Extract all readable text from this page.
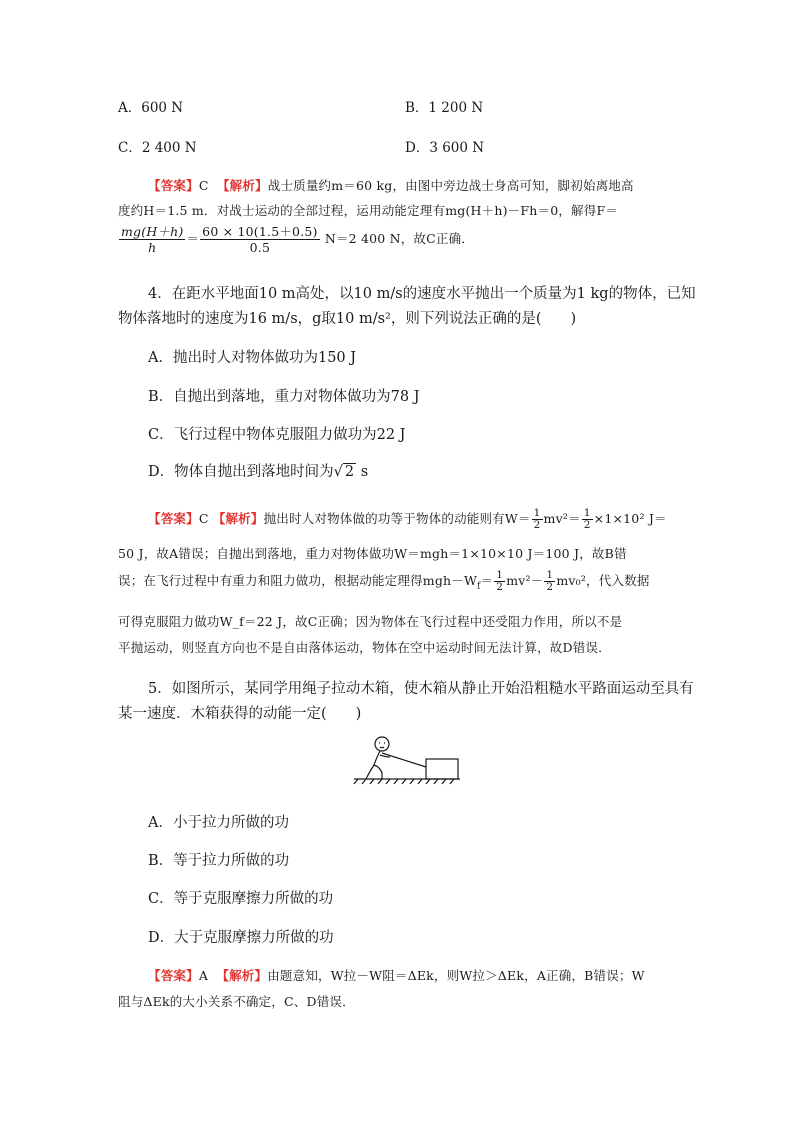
A．600 N	B．1 200 N
C．2 400 N	D．3 600 N
【答案】C 【解析】战士质量约m＝60 kg，由图中旁边战士身高可知，脚初始离地高
度约H＝1.5 m．对战士运动的全部过程，运用动能定理有mg(H＋h)－Fh＝0，解得F＝
$\frac{mg(H+h)}{h} = \frac{60 \times 10(1.5+0.5)}{0.5} N=2$ 400 N，故C正确．
4．在距水平地面10 m高处，以10 m/s的速度水平抛出一个质量为1 kg的物体，已知
物体落地时的速度为16 m/s，g取10 m/s²，则下列说法正确的是(　　)
A．抛出时人对物体做功为150 J
B．自抛出到落地，重力对物体做功为78 J
C．飞行过程中物体克服阻力做功为22 J
D．物体自抛出到落地时间为√ 2 s
【答案】C 【解析】抛出时人对物体做的功等于物体的动能则有$W= \frac{1}{2} mv^2= \frac{1}{2} \times 1\times 10^2$ J＝
50 J，故A错误；自抛出到落地，重力对物体做功W＝mgh＝1×10×10 J＝100 J，故B错
误；在飞行过程中有重力和阻力做功，根据动能定理得$mgh-W_f= \frac{1}{2} mv^2- \frac{1}{2} mv_0^2$，代入数据
可得克服阻力做功W_f＝22 J，故C正确；因为物体在飞行过程中还受阻力作用，所以不是
平抛运动，则竖直方向也不是自由落体运动，物体在空中运动时间无法计算，故D错误．
5．如图所示，某同学用绳子拉动木箱，使木箱从静止开始沿粗糙水平路面运动至具有
某一速度．木箱获得的动能一定(　　)
A．小于拉力所做的功
B．等于拉力所做的功
C．等于克服摩擦力所做的功
D．大于克服摩擦力所做的功
【答案】A 【解析】由题意知，W拉－W阻＝ΔEk，则W拉＞ΔEk，A正确，B错误；W
阻与ΔEk的大小关系不确定，C、D错误．
